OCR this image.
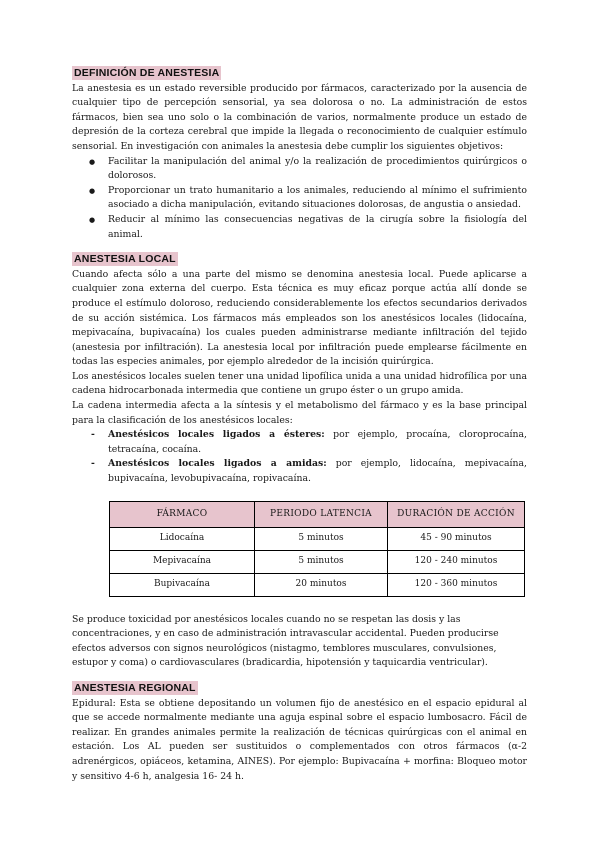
DEFINICIÓN DE ANESTESIA

La anestesia es un estado reversible producido por fármacos, caracterizado por la ausencia de cualquier tipo de percepción sensorial, ya sea dolorosa o no. La administración de estos fármacos, bien sea uno solo o la combinación de varios, normalmente produce un estado de depresión de la corteza cerebral que impide la llegada o reconocimiento de cualquier estímulo sensorial. En investigación con animales la anestesia debe cumplir los siguientes objetivos:

● Facilitar la manipulación del animal y/o la realización de procedimientos quirúrgicos o dolorosos.
● Proporcionar un trato humanitario a los animales, reduciendo al mínimo el sufrimiento asociado a dicha manipulación, evitando situaciones dolorosas, de angustia o ansiedad.
● Reducir al mínimo las consecuencias negativas de la cirugía sobre la fisiología del animal.
ANESTESIA LOCAL

Cuando afecta sólo a una parte del mismo se denomina anestesia local. Puede aplicarse a cualquier zona externa del cuerpo. Esta técnica es muy eficaz porque actúa allí donde se produce el estímulo doloroso, reduciendo considerablemente los efectos secundarios derivados de su acción sistémica. Los fármacos más empleados son los anestésicos locales (lidocaína, mepivacaína, bupivacaína) los cuales pueden administrarse mediante infiltración del tejido (anestesia por infiltración). La anestesia local por infiltración puede emplearse fácilmente en todas las especies animales, por ejemplo alrededor de la incisión quirúrgica.

Los anestésicos locales suelen tener una unidad lipofílica unida a una unidad hidrofílica por una cadena hidrocarbonada intermedia que contiene un grupo éster o un grupo amida.

La cadena intermedia afecta a la síntesis y el metabolismo del fármaco y es la base principal para la clasificación de los anestésicos locales:

- Anestésicos locales ligados a ésteres: por ejemplo, procaína, cloroprocaína, tetracaína, cocaína.
- Anestésicos locales ligados a amidas: por ejemplo, lidocaína, mepivacaína, bupivacaína, levobupivacaína, ropivacaína.
FÁRMACO	PERIODO LATENCIA	DURACIÓN DE ACCIÓN
Lidocaína	5 minutos	45 - 90 minutos
Mepivacaína	5 minutos	120 - 240 minutos
Bupivacaína	20 minutos	120 - 360 minutos

Se produce toxicidad por anestésicos locales cuando no se respetan las dosis y las concentraciones, y en caso de administración intravascular accidental. Pueden producirse efectos adversos con signos neurológicos (nistagmo, temblores musculares, convulsiones, estupor y coma) o cardiovasculares (bradicardia, hipotensión y taquicardia ventricular).

ANESTESIA REGIONAL

Epidural: Esta se obtiene depositando un volumen fijo de anestésico en el espacio epidural al que se accede normalmente mediante una aguja espinal sobre el espacio lumbosacro. Fácil de realizar. En grandes animales permite la realización de técnicas quirúrgicas con el animal en estación. Los AL pueden ser sustituidos o complementados con otros fármacos (α-2 adrenérgicos, opiáceos, ketamina, AINES). Por ejemplo: Bupivacaína + morfina: Bloqueo motor y sensitivo 4-6 h, analgesia 16- 24 h.
